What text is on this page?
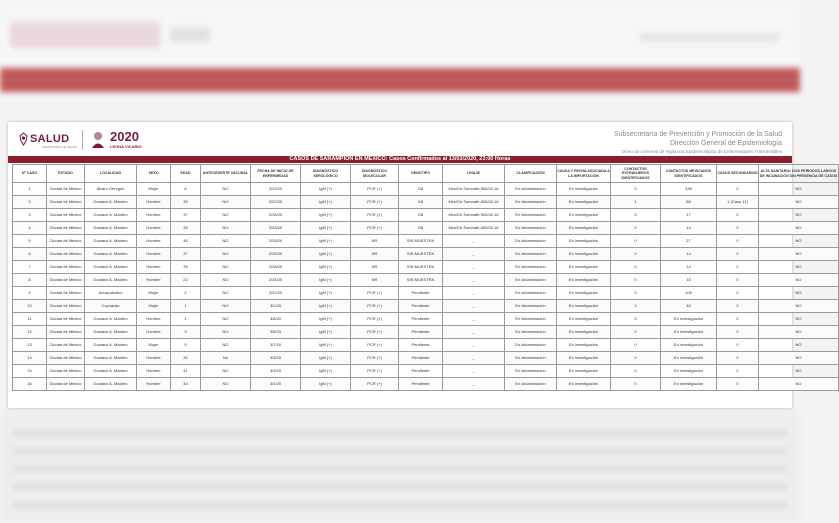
SALUD
SECRETARÍA DE SALUD
2020
LEONA VICARIO
Subsecretaría de Prevención y Promoción de la Salud
Dirección General de Epidemiología
Dirección General de Vigilancia Epidemiológica de Enfermedades Transmisibles
CASOS DE SARAMPIÓN EN MÉXICO: Casos Confirmados al 13/03/2020, 23:00 Horas
Nº CASO	ESTADO	LOCALIDAD	SEXO	EDAD	ANTECEDENTE VACUNAL	FECHA DE INICIO DE ENFERMEDAD	DIAGNÓSTICO SEROLÓGICO	DIAGNÓSTICO MOLECULAR	GENOTIPO	LINAJE	CLASIFICACIÓN	CAUSA Y FECHA ASOCIADA A LA IMPORTACIÓN	CONTACTOS EXTRANJEROS IDENTIFICADOS	CONTACTOS MEXICANOS IDENTIFICADOS	CASOS SECUNDARIOS	ALTA SANITARIA: DOS PERIODOS LARGOS DE INCUBACIÓN SIN PRESENCIA DE CASOS
1	Ciudad de México	Álvaro Obregón	Mujer	8	NO	2/23/20	IgM (+)	PCR (+)	D8	Mvs/Gir Somnath.IND/42.16	En dictaminación	En investigación	0	436	0	NO
2	Ciudad de México	Gustavo A. Madero	Hombre	35	NO	2/22/20	IgM (+)	PCR (+)	D8	Mvs/Gir Somnath.IND/42.16	En dictaminación	En investigación	1	88	1 (Caso 11)	NO
3	Ciudad de México	Gustavo A. Madero	Hombre	37	NO	2/28/20	IgM (+)	PCR (+)	D8	Mvs/Gir Somnath.IND/42.16	En dictaminación	En investigación	0	17	0	NO
4	Ciudad de México	Gustavo A. Madero	Hombre	39	NO	2/24/20	IgM (+)	PCR (+)	D8	Mvs/Gir Somnath.IND/42.16	En dictaminación	En investigación	0	14	0	NO
5	Ciudad de México	Gustavo A. Madero	Hombre	46	NO	2/25/20	IgM (+)	NR	SIN MUESTRA	_	En dictaminación	En investigación	0	27	0	NO
6	Ciudad de México	Gustavo A. Madero	Hombre	37	NO	2/28/20	IgM (+)	NR	SIN MUESTRA	_	En dictaminación	En investigación	0	14	0	NO
7	Ciudad de México	Gustavo A. Madero	Hombre	35	NO	2/28/20	IgM (+)	NR	SIN MUESTRA	_	En dictaminación	En investigación	0	14	0	NO
8	Ciudad de México	Gustavo A. Madero	Hombre	22	NO	2/24/20	IgM (+)	NR	SIN MUESTRA	_	En dictaminación	En investigación	0	15	0	NO
9	Ciudad de México	Azcapotzalco	Mujer	2	NO	2/22/20	IgM (+)	PCR (+)	Pendiente	_	En dictaminación	En investigación	0	106	0	NO
10	Ciudad de México	Coyoacán	Mujer	1	NO	3/2/20	IgM (+)	PCR (+)	Pendiente	_	En dictaminación	En investigación	0	48	0	NO
11	Ciudad de México	Gustavo A. Madero	Hombre	1	NO	3/8/20	IgM (+)	PCR (+)	Pendiente	_	En dictaminación	En investigación	0	En investigación	0	NO
12	Ciudad de México	Gustavo A. Madero	Hombre	3	NO	3/8/20	IgM (+)	PCR (+)	Pendiente	_	En dictaminación	En investigación	0	En investigación	0	NO
13	Ciudad de México	Gustavo A. Madero	Mujer	5	NO	3/7/20	IgM (+)	PCR (+)	Pendiente	_	En dictaminación	En investigación	0	En investigación	0	NO
14	Ciudad de México	Gustavo A. Madero	Hombre	30	No	3/3/20	IgM (+)	PCR (+)	Pendiente	_	En dictaminación	En investigación	0	En investigación	0	NO
15	Ciudad de México	Gustavo A. Madero	Hombre	41	NO	3/3/20	IgM (+)	PCR (+)	Pendiente	_	En dictaminación	En investigación	0	En investigación	0	NO
16	Ciudad de México	Gustavo A. Madero	Hombre	44	NO	3/4/20	IgM (+)	PCR (+)	Pendiente	_	En dictaminación	En investigación	0	En investigación	0	NO
